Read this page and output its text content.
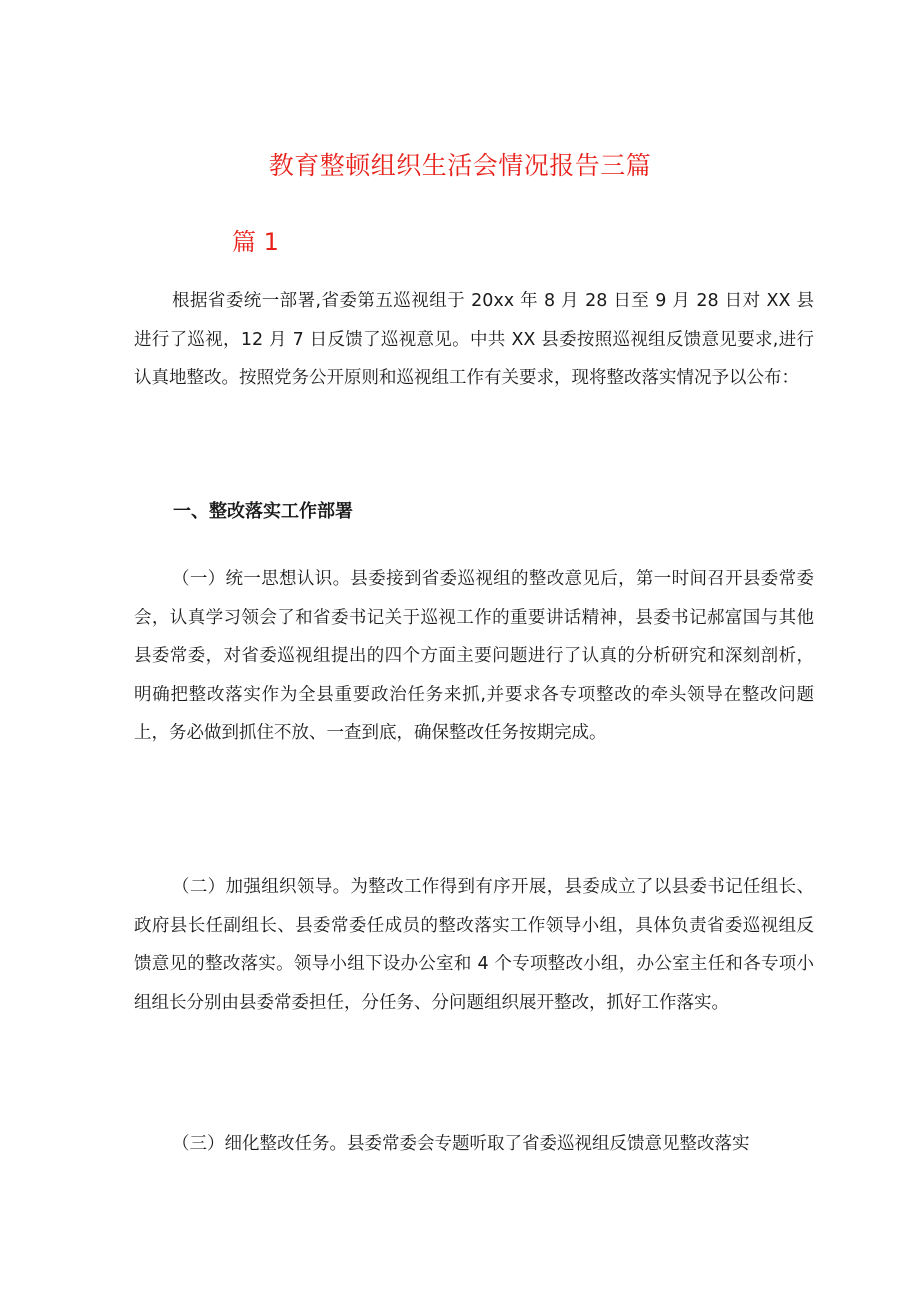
教育整顿组织生活会情况报告三篇
篇 1

根据省委统一部署,省委第五巡视组于 20xx 年 8 月 28 日至 9 月 28 日对 XX 县进行了巡视，12 月 7 日反馈了巡视意见。中共 XX 县委按照巡视组反馈意见要求,进行认真地整改。按照党务公开原则和巡视组工作有关要求，现将整改落实情况予以公布：

一、整改落实工作部署

（一）统一思想认识。县委接到省委巡视组的整改意见后，第一时间召开县委常委会，认真学习领会了和省委书记关于巡视工作的重要讲话精神，县委书记郝富国与其他县委常委，对省委巡视组提出的四个方面主要问题进行了认真的分析研究和深刻剖析，明确把整改落实作为全县重要政治任务来抓,并要求各专项整改的牵头领导在整改问题上，务必做到抓住不放、一查到底，确保整改任务按期完成。

（二）加强组织领导。为整改工作得到有序开展，县委成立了以县委书记任组长、政府县长任副组长、县委常委任成员的整改落实工作领导小组，具体负责省委巡视组反馈意见的整改落实。领导小组下设办公室和 4 个专项整改小组，办公室主任和各专项小组组长分别由县委常委担任，分任务、分问题组织展开整改，抓好工作落实。

（三）细化整改任务。县委常委会专题听取了省委巡视组反馈意见整改落实
